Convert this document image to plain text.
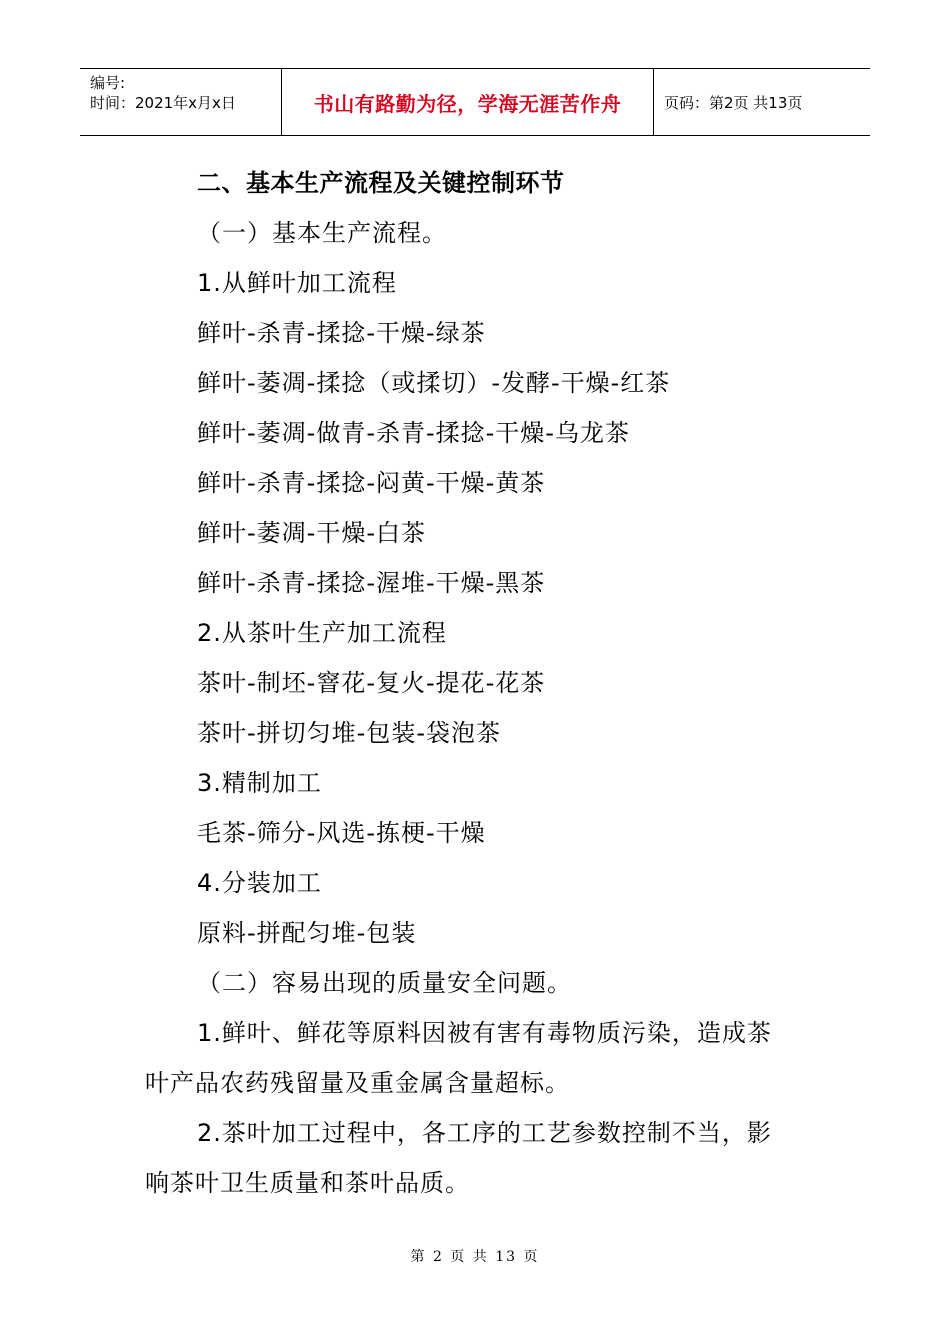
编号:
时间：2021年x月x日	书山有路勤为径，学海无涯苦作舟	页码：第2页 共13页
二、基本生产流程及关键控制环节
（一）基本生产流程。
1.从鲜叶加工流程
鲜叶-杀青-揉捻-干燥-绿茶
鲜叶-萎凋-揉捻（或揉切）-发酵-干燥-红茶
鲜叶-萎凋-做青-杀青-揉捻-干燥-乌龙茶
鲜叶-杀青-揉捻-闷黄-干燥-黄茶
鲜叶-萎凋-干燥-白茶
鲜叶-杀青-揉捻-渥堆-干燥-黑茶
2.从茶叶生产加工流程
茶叶-制坯-窨花-复火-提花-花茶
茶叶-拼切匀堆-包装-袋泡茶
3.精制加工
毛茶-筛分-风选-拣梗-干燥
4.分装加工
原料-拼配匀堆-包装
（二）容易出现的质量安全问题。
1.鲜叶、鲜花等原料因被有害有毒物质污染，造成茶
叶产品农药残留量及重金属含量超标。
2.茶叶加工过程中，各工序的工艺参数控制不当，影
响茶叶卫生质量和茶叶品质。
第 2 页 共 13 页
